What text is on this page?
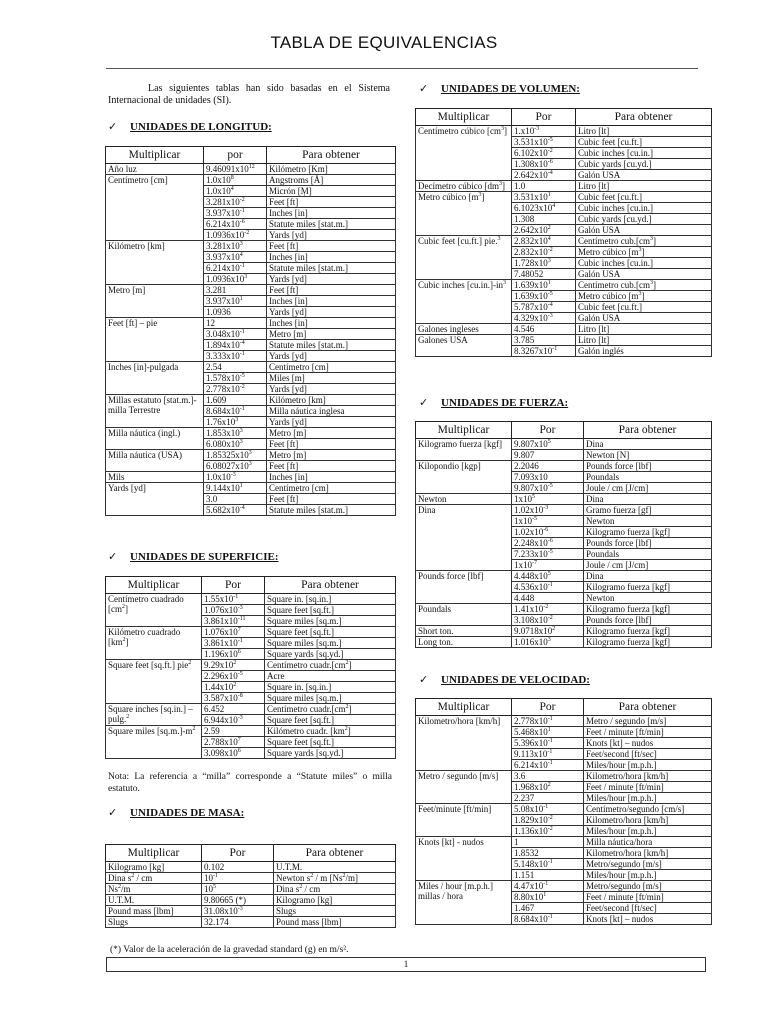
TABLA DE EQUIVALENCIAS
Las siguientes tablas han sido basadas en el Sistema Internacional de unidades (SI).
✓ UNIDADES DE LONGITUD:
Multiplicar	por	Para obtener
Año luz	$9.46091x10^{12}$	Kilómetro [Km]
Centímetro [cm]	$1.0x10^8$	Angstroms [Å]
	$1.0x10^4$	Micrón [Ṃ]
	$3.281x10^{-2}$	Feet [ft]
	$3.937x10^{-1}$	Inches [in]
	$6.214x10^{-6}$	Statute miles [stat.m.]
	$1.0936x10^{-2}$	Yards [yd]
Kilómetro [km]	$3.281x10^3$	Feet [ft]
	$3.937x10^4$	Inches [in]
	$6.214x10^{-1}$	Statute miles [stat.m.]
	$1.0936x10^3$	Yards [yd]
Metro [m]	3.281	Feet [ft]
	$3.937x10^1$	Inches [in]
	1.0936	Yards [yd]
Feet [ft] – pie	12	Inches [in]
	$3.048x10^{-1}$	Metro [m]
	$1.894x10^{-4}$	Statute miles [stat.m.]
	$3.333x10^{-1}$	Yards [yd]
Inches [in]-pulgada	2.54	Centímetro [cm]
	$1.578x10^{-5}$	Miles [m]
	$2.778x10^{-2}$	Yards [yd]
Millas estatuto [stat.m.]-milla Terrestre	1.609	Kilómetro [km]
	$8.684x10^{-1}$	Milla náutica inglesa
	$1.76x10^3$	Yards [yd]
Milla náutica (ingl.)	$1.853x10^3$	Metro [m]
	$6.080x10^3$	Feet [ft]
Milla náutica (USA)	$1.85325x10^3$	Metro [m]
	$6.08027x10^3$	Feet [ft]
Mils	$1.0x10^{-3}$	Inches [in]
Yards [yd]	$9.144x10^1$	Centímetro [cm]
	3.0	Feet [ft]
	$5.682x10^{-4}$	Statute miles [stat.m.]
✓ UNIDADES DE SUPERFICIE:
Multiplicar	Por	Para obtener
Centímetro cuadrado $[cm^2]$	$1.55x10^{-1}$	Square in. [sq.in.]
	$1.076x10^{-3}$	Square feet [sq.ft.]
	$3.861x10^{-11}$	Square miles [sq.m.]
Kilómetro cuadrado $[km^2]$	$1.076x10^7$	Square feet [sq.ft.]
	$3.861x10^{-1}$	Square miles [sq.m.]
	$1.196x10^6$	Square yards [sq.yd.]
Square feet [sq.ft.] pie$^2$	$9.29x10^2$	Centímetro $cuadr.[cm^2]$
	$2.296x10^{-5}$	Acre
	$1.44x10^2$	Square in. [sq.in.]
	$3.587x10^{-8}$	Square miles [sq.m.]
Square inches [sq.in.] – pulg.$^2$	6.452	Centímetro $cuadr.[cm^2]$
	$6.944x10^{-3}$	Square feet [sq.ft.]
Square miles $[sq.m.]-m^2$	2.59	Kilómetro cuadr. $[km^2]$
	$2.788x10^7$	Square feet [sq.ft.]
	$3.098x10^6$	Square yards [sq.yd.]
Nota: La referencia a “milla” corresponde a “Statute miles” o milla estatuto.
✓ UNIDADES DE MASA:
Multiplicar	Por	Para obtener
Kilogramo [kg]	0.102	U.T.M.
Dina $s^2$ / cm	$10^{-1}$	Newton $s^2$ / m [Ns$^2$/m]
Ns$^2$/m	$10^5$	Dina $s^2$ / cm
U.T.M.	9.80665 (*)	Kilogramo [kg]
Pound mass [lbm]	$31.08x10^{-3}$	Slugs
Slugs	32.174	Pound mass [lbm]
(*) Valor de la aceleración de la gravedad standard (g) en m/s².
✓ UNIDADES DE VOLUMEN:
Multiplicar	Por	Para obtener
Centímetro cúbico $[cm^3]$	$1.x10^{-3}$	Litro [lt]
	$3.531x10^{-5}$	Cubic feet [cu.ft.]
	$6.102x10^{-2}$	Cubic inches [cu.in.]
	$1.308x10^{-6}$	Cubic yards [cu.yd.]
	$2.642x10^{-4}$	Galón USA
Decímetro cúbico $[dm^3]$	1.0	Litro [lt]
Metro cúbico $[m^3]$	$3.531x10^1$	Cubic feet [cu.ft.]
	$6.1023x10^4$	Cubic inches [cu.in.]
	1.308	Cubic yards [cu.yd.]
	$2.642x10^2$	Galón USA
Cubic feet [cu.ft.] pie.$^3$	$2.832x10^4$	Centímetro $cub.[cm^3]$
	$2.832x10^{-2}$	Metro cúbico $[m^3]$
	$1.728x10^3$	Cubic inches [cu.in.]
	7.48052	Galón USA
Cubic inches $[cu.in.]-in^3$	$1.639x10^1$	Centímetro $cub.[cm^3]$
	$1.639x10^{-5}$	Metro cúbico $[m^3]$
	$5.787x10^{-4}$	Cubic feet [cu.ft.]
	$4.329x10^{-3}$	Galón USA
Galones ingleses	4.546	Litro [lt]
Galones USA	3.785	Litro [lt]
	$8.3267x10^{-1}$	Galón inglés
✓ UNIDADES DE FUERZA:
Multiplicar	Por	Para obtener
Kilogramo fuerza [kgf]	$9.807x10^5$	Dina
	9.807	Newton [N]
Kilopondio [kgp]	2.2046	Pounds force [lbf]
	7.093x10	Poundals
	$9.807x10^{-5}$	Joule / cm [J/cm]
Newton	$1x10^5$	Dina
Dina	$1.02x10^{-3}$	Gramo fuerza [gf]
	$1x10^{-5}$	Newton
	$1.02x10^{-6}$	Kilogramo fuerza [kgf]
	$2.248x10^{-6}$	Pounds force [lbf]
	$7.233x10^{-5}$	Poundals
	$1x10^{-7}$	Joule / cm [J/cm]
Pounds force [lbf]	$4.448x10^5$	Dina
	$4.536x10^{-1}$	Kilogramo fuerza [kgf]
	4.448	Newton
Poundals	$1.41x10^{-2}$	Kilogramo fuerza [kgf]
	$3.108x10^{-2}$	Pounds force [lbf]
Short ton.	$9.0718x10^2$	Kilogramo fuerza [kgf]
Long ton.	$1.016x10^3$	Kilogramo fuerza [kgf]
✓ UNIDADES DE VELOCIDAD:
Multiplicar	Por	Para obtener
Kilometro/hora [km/h]	$2.778x10^{-1}$	Metro / segundo [m/s]
	$5.468x10^1$	Feet / minute [ft/min]
	$5.396x10^{-1}$	Knots [kt] – nudos
	$9.113x10^{-1}$	Feet/second [ft/sec]
	$6.214x10^{-1}$	Miles/hour [m.p.h.]
Metro / segundo [m/s]	3.6	Kilometro/hora [km/h]
	$1.968x10^2$	Feet / minute [ft/min]
	2.237	Miles/hour [m.p.h.]
Feet/minute [ft/min]	$5.08x10^{-1}$	Centímetro/segundo [cm/s]
	$1.829x10^{-2}$	Kilometro/hora [km/h]
	$1.136x10^{-2}$	Miles/hour [m.p.h.]
Knots [kt] - nudos	1	Milla náutica/hora
	1.8532	Kilometro/hora [km/h]
	$5.148x10^{-1}$	Metro/segundo [m/s]
	1.151	Miles/hour [m.p.h.]
Miles / hour [m.p.h.] millas / hora	$4.47x10^{-1}$	Metro/segundo [m/s]
	$8.80x10^1$	Feet / minute [ft/min]
	1.467	Feet/second [ft/sec]
	$8.684x10^{-1}$	Knots [kt] – nudos
1
